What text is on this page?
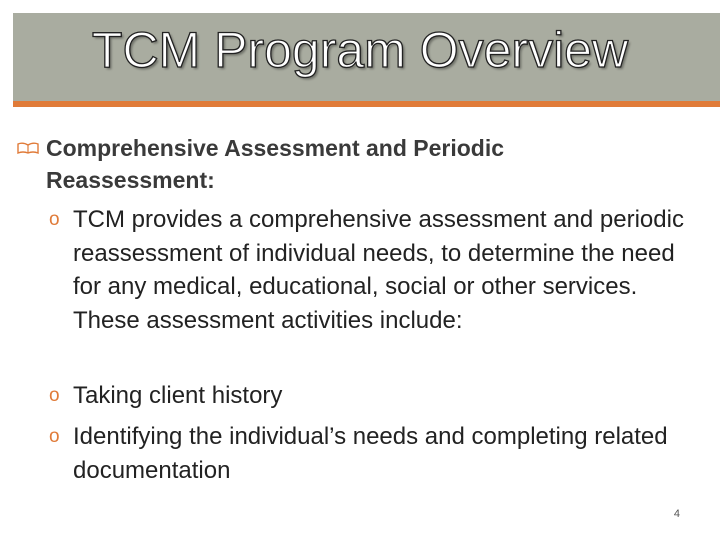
TCM Program Overview
Comprehensive Assessment and Periodic Reassessment:
o TCM provides a comprehensive assessment and periodic reassessment of individual needs, to determine the need for any medical, educational, social or other services. These assessment activities include:
o Taking client history
o Identifying the individual’s needs and completing related documentation
4
